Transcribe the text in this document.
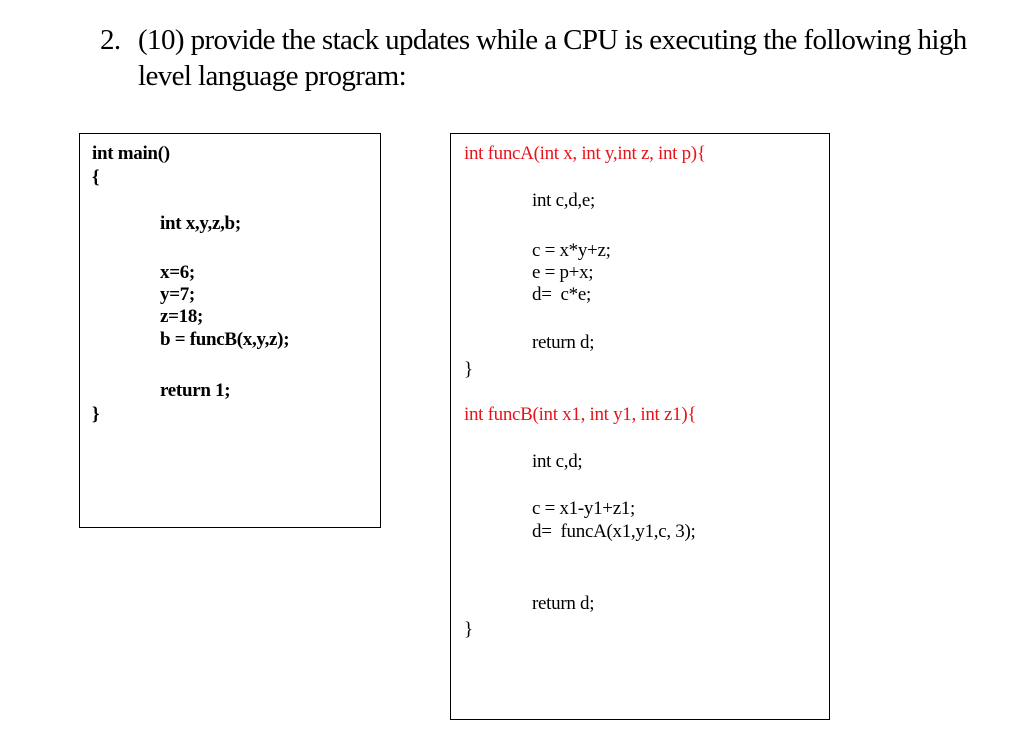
2. (10) provide the stack updates while a CPU is executing the following high
level language program:
int main()
{
int x,y,z,b;
x=6;
y=7;
z=18;
b = funcB(x,y,z);
return 1;
}
int funcA(int x, int y,int z, int p){
int c,d,e;
c = x*y+z;
e = p+x;
d=  c*e;
return d;
}
int funcB(int x1, int y1, int z1){
int c,d;
c = x1-y1+z1;
d=  funcA(x1,y1,c, 3);
return d;
}
